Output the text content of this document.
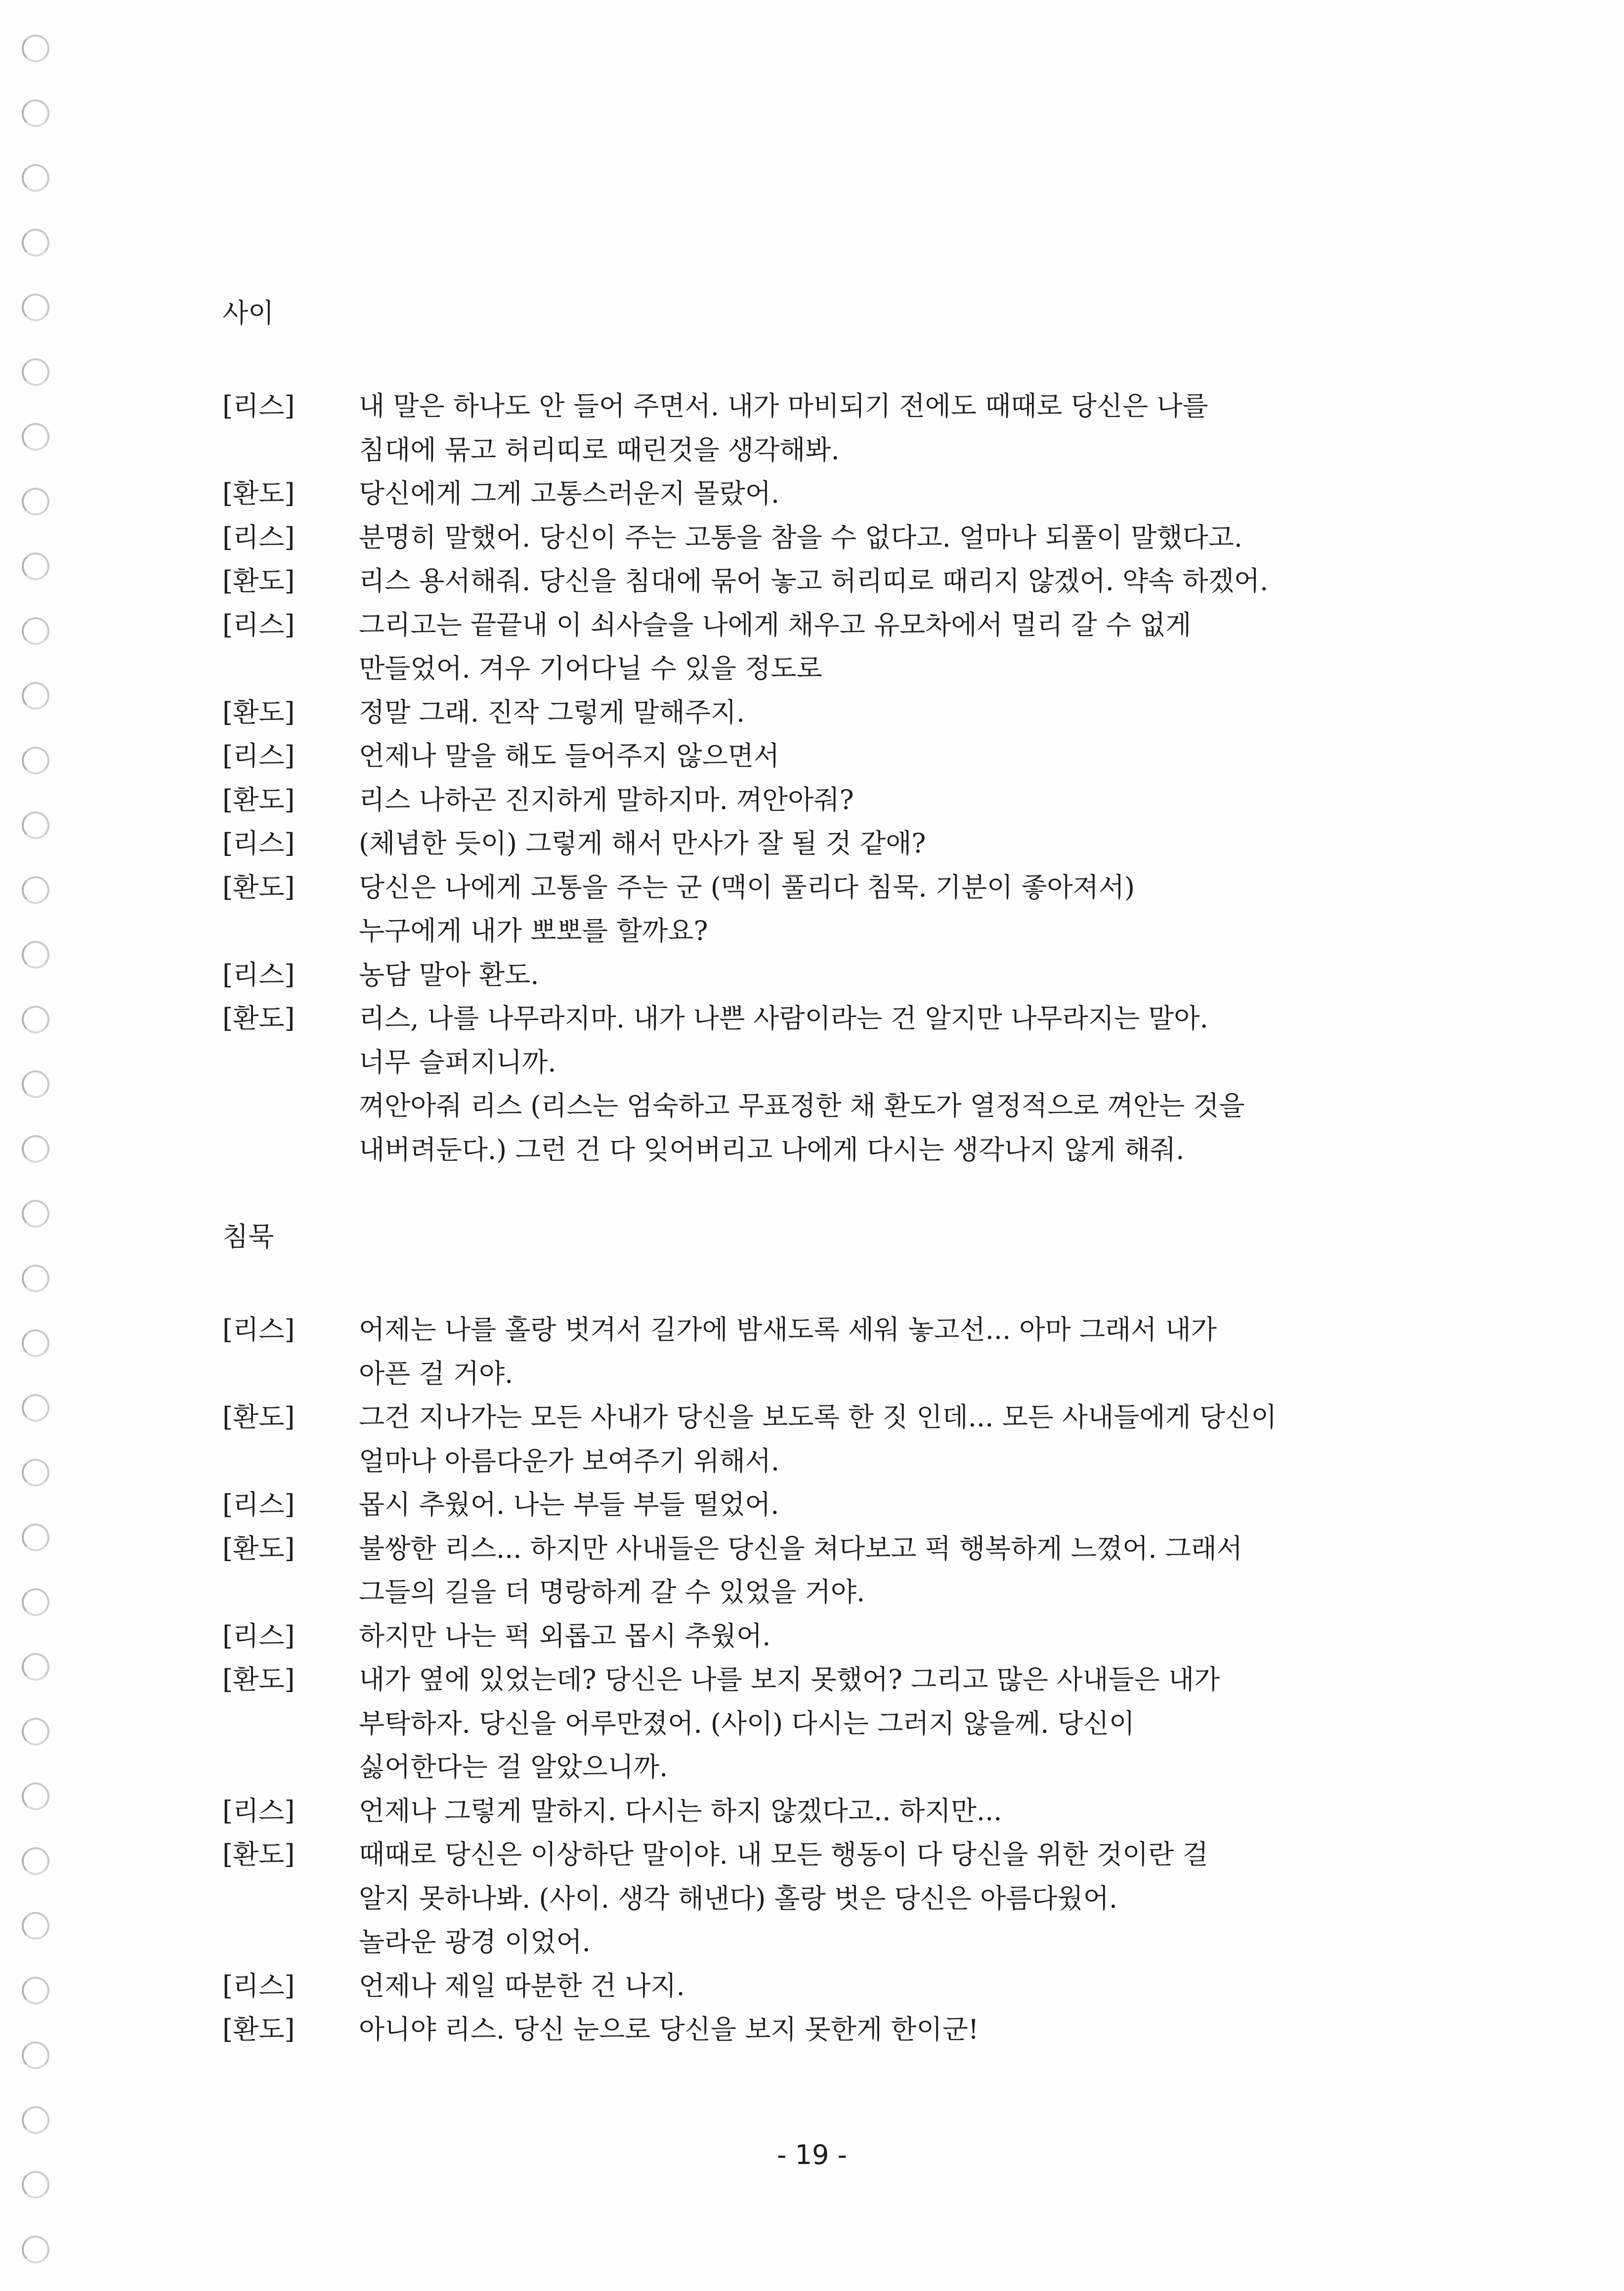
사이
[리스]	내 말은 하나도 안 들어 주면서. 내가 마비되기 전에도 때때로 당신은 나를
침대에 묶고 허리띠로 때린것을 생각해봐.
[환도]	당신에게 그게 고통스러운지 몰랐어.
[리스]	분명히 말했어. 당신이 주는 고통을 참을 수 없다고. 얼마나 되풀이 말했다고.
[환도]	리스 용서해줘. 당신을 침대에 묶어 놓고 허리띠로 때리지 않겠어. 약속 하겠어.
[리스]	그리고는 끝끝내 이 쇠사슬을 나에게 채우고 유모차에서 멀리 갈 수 없게
만들었어. 겨우 기어다닐 수 있을 정도로
[환도]	정말 그래. 진작 그렇게 말해주지.
[리스]	언제나 말을 해도 들어주지 않으면서
[환도]	리스 나하곤 진지하게 말하지마. 껴안아줘?
[리스]	(체념한 듯이) 그렇게 해서 만사가 잘 될 것 같애?
[환도]	당신은 나에게 고통을 주는 군 (맥이 풀리다 침묵. 기분이 좋아져서)
누구에게 내가 뽀뽀를 할까요?
[리스]	농담 말아 환도.
[환도]	리스, 나를 나무라지마. 내가 나쁜 사람이라는 건 알지만 나무라지는 말아.
너무 슬퍼지니까.
껴안아줘 리스 (리스는 엄숙하고 무표정한 채 환도가 열정적으로 껴안는 것을
내버려둔다.) 그런 건 다 잊어버리고 나에게 다시는 생각나지 않게 해줘.
침묵
[리스]	어제는 나를 홀랑 벗겨서 길가에 밤새도록 세워 놓고선... 아마 그래서 내가
아픈 걸 거야.
[환도]	그건 지나가는 모든 사내가 당신을 보도록 한 짓 인데... 모든 사내들에게 당신이
얼마나 아름다운가 보여주기 위해서.
[리스]	몹시 추웠어. 나는 부들 부들 떨었어.
[환도]	불쌍한 리스... 하지만 사내들은 당신을 쳐다보고 퍽 행복하게 느꼈어. 그래서
그들의 길을 더 명랑하게 갈 수 있었을 거야.
[리스]	하지만 나는 퍽 외롭고 몹시 추웠어.
[환도]	내가 옆에 있었는데? 당신은 나를 보지 못했어? 그리고 많은 사내들은 내가
부탁하자. 당신을 어루만졌어. (사이) 다시는 그러지 않을께. 당신이
싫어한다는 걸 알았으니까.
[리스]	언제나 그렇게 말하지. 다시는 하지 않겠다고.. 하지만...
[환도]	때때로 당신은 이상하단 말이야. 내 모든 행동이 다 당신을 위한 것이란 걸
알지 못하나봐. (사이. 생각 해낸다) 홀랑 벗은 당신은 아름다웠어.
놀라운 광경 이었어.
[리스]	언제나 제일 따분한 건 나지.
[환도]	아니야 리스. 당신 눈으로 당신을 보지 못한게 한이군!
- 19 -
